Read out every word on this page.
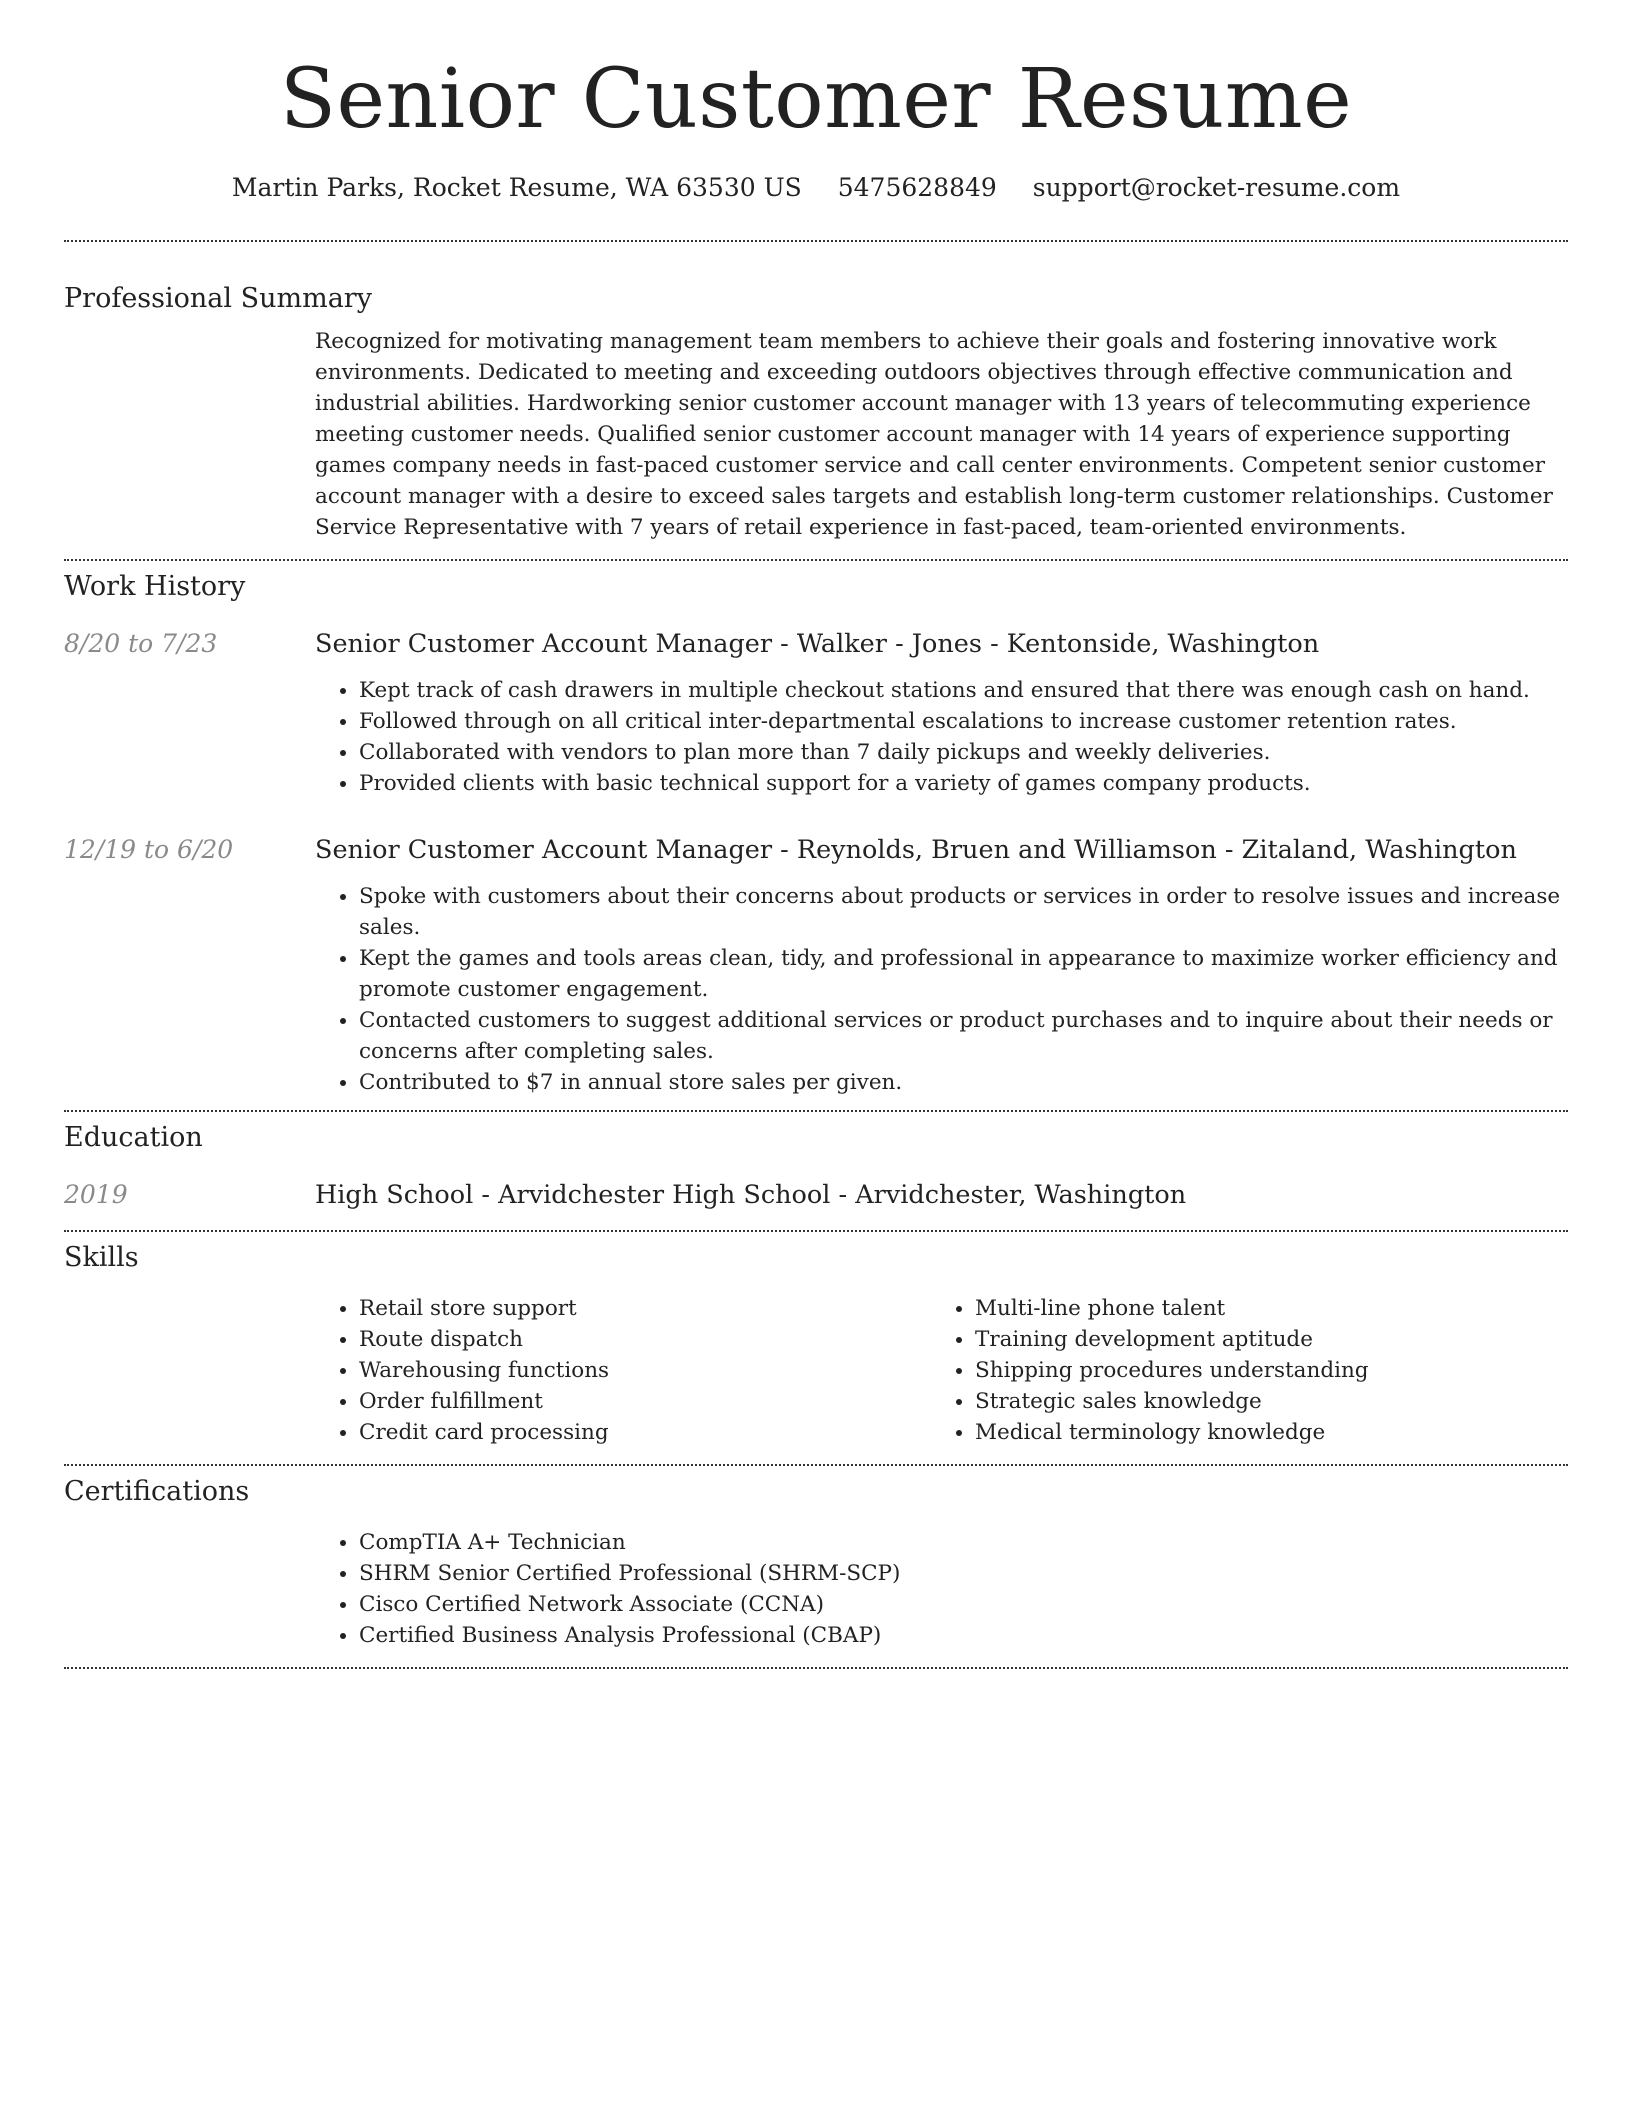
Senior Customer Resume
Martin Parks, Rocket Resume, WA 63530 US 5475628849 support@rocket-resume.com
Professional Summary

Recognized for motivating management team members to achieve their goals and fostering innovative work environments. Dedicated to meeting and exceeding outdoors objectives through effective communication and industrial abilities. Hardworking senior customer account manager with 13 years of telecommuting experience meeting customer needs. Qualified senior customer account manager with 14 years of experience supporting games company needs in fast-paced customer service and call center environments. Competent senior customer account manager with a desire to exceed sales targets and establish long-term customer relationships. Customer Service Representative with 7 years of retail experience in fast-paced, team-oriented environments.

Work History
8/20 to 7/23	Senior Customer Account Manager - Walker - Jones - Kentonside, Washington
• Kept track of cash drawers in multiple checkout stations and ensured that there was enough cash on hand.
• Followed through on all critical inter-departmental escalations to increase customer retention rates.
• Collaborated with vendors to plan more than 7 daily pickups and weekly deliveries.
• Provided clients with basic technical support for a variety of games company products.
12/19 to 6/20	Senior Customer Account Manager - Reynolds, Bruen and Williamson - Zitaland, Washington
• Spoke with customers about their concerns about products or services in order to resolve issues and increase sales.
• Kept the games and tools areas clean, tidy, and professional in appearance to maximize worker efficiency and promote customer engagement.
• Contacted customers to suggest additional services or product purchases and to inquire about their needs or concerns after completing sales.
• Contributed to $7 in annual store sales per given.
Education
2019	High School - Arvidchester High School - Arvidchester, Washington
Skills
• Retail store support
• Route dispatch
• Warehousing functions
• Order fulfillment
• Credit card processing
• Multi-line phone talent
• Training development aptitude
• Shipping procedures understanding
• Strategic sales knowledge
• Medical terminology knowledge
Certifications
• CompTIA A+ Technician
• SHRM Senior Certified Professional (SHRM-SCP)
• Cisco Certified Network Associate (CCNA)
• Certified Business Analysis Professional (CBAP)
